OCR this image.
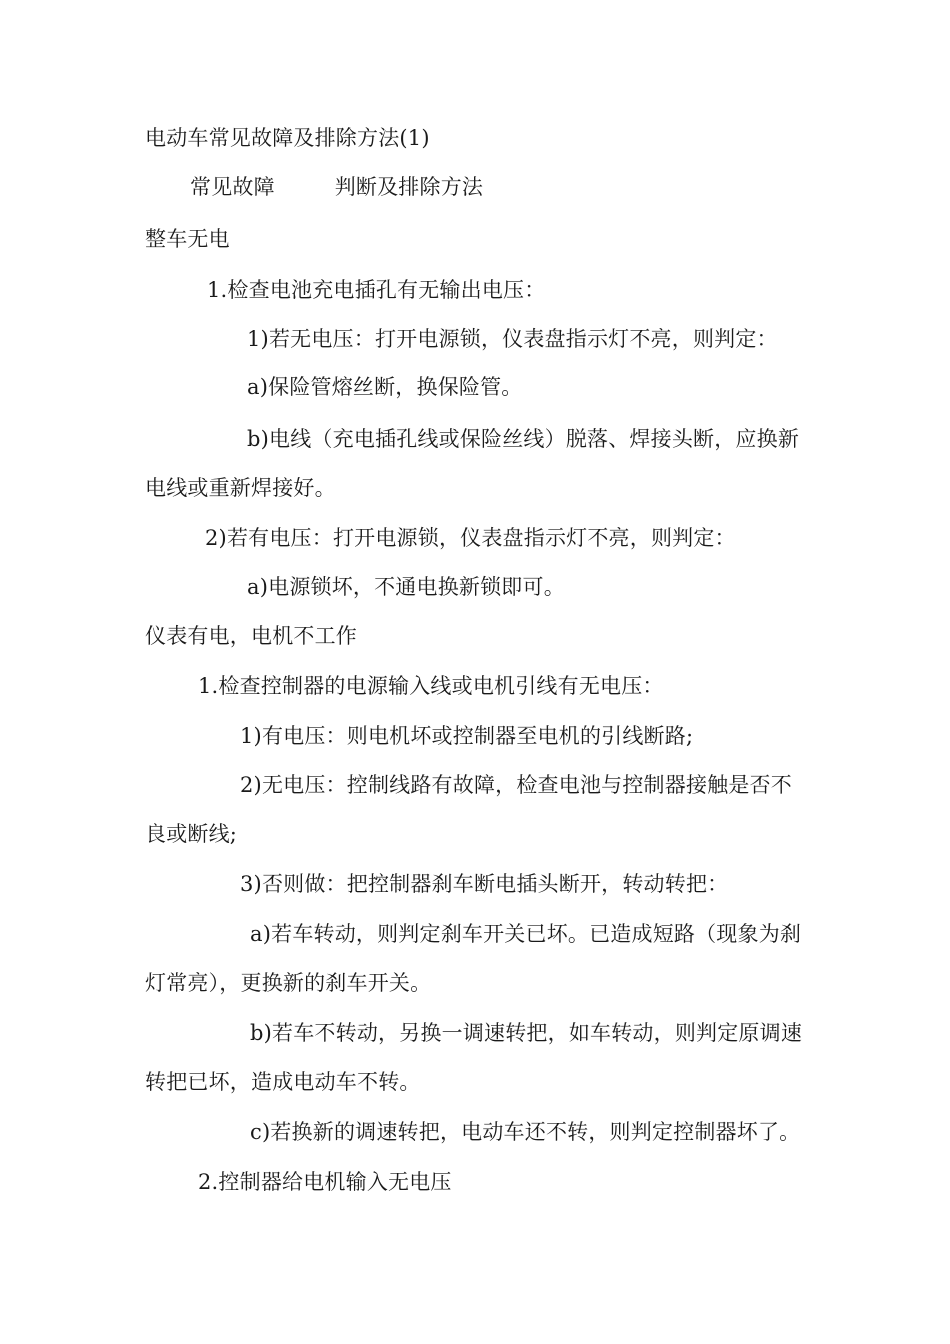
电动车常见故障及排除方法(1)
常见故障	判断及排除方法
整车无电
1.检查电池充电插孔有无输出电压：
1)若无电压：打开电源锁，仪表盘指示灯不亮，则判定：
a)保险管熔丝断，换保险管。
b)电线（充电插孔线或保险丝线）脱落、焊接头断，应换新
电线或重新焊接好。
2)若有电压：打开电源锁，仪表盘指示灯不亮，则判定：
a)电源锁坏，不通电换新锁即可。
仪表有电，电机不工作
1.检查控制器的电源输入线或电机引线有无电压：
1)有电压：则电机坏或控制器至电机的引线断路;
2)无电压：控制线路有故障，检查电池与控制器接触是否不
良或断线;
3)否则做：把控制器刹车断电插头断开，转动转把：
a)若车转动，则判定刹车开关已坏。已造成短路（现象为刹
灯常亮），更换新的刹车开关。
b)若车不转动，另换一调速转把，如车转动，则判定原调速
转把已坏，造成电动车不转。
c)若换新的调速转把，电动车还不转，则判定控制器坏了。
2.控制器给电机输入无电压
